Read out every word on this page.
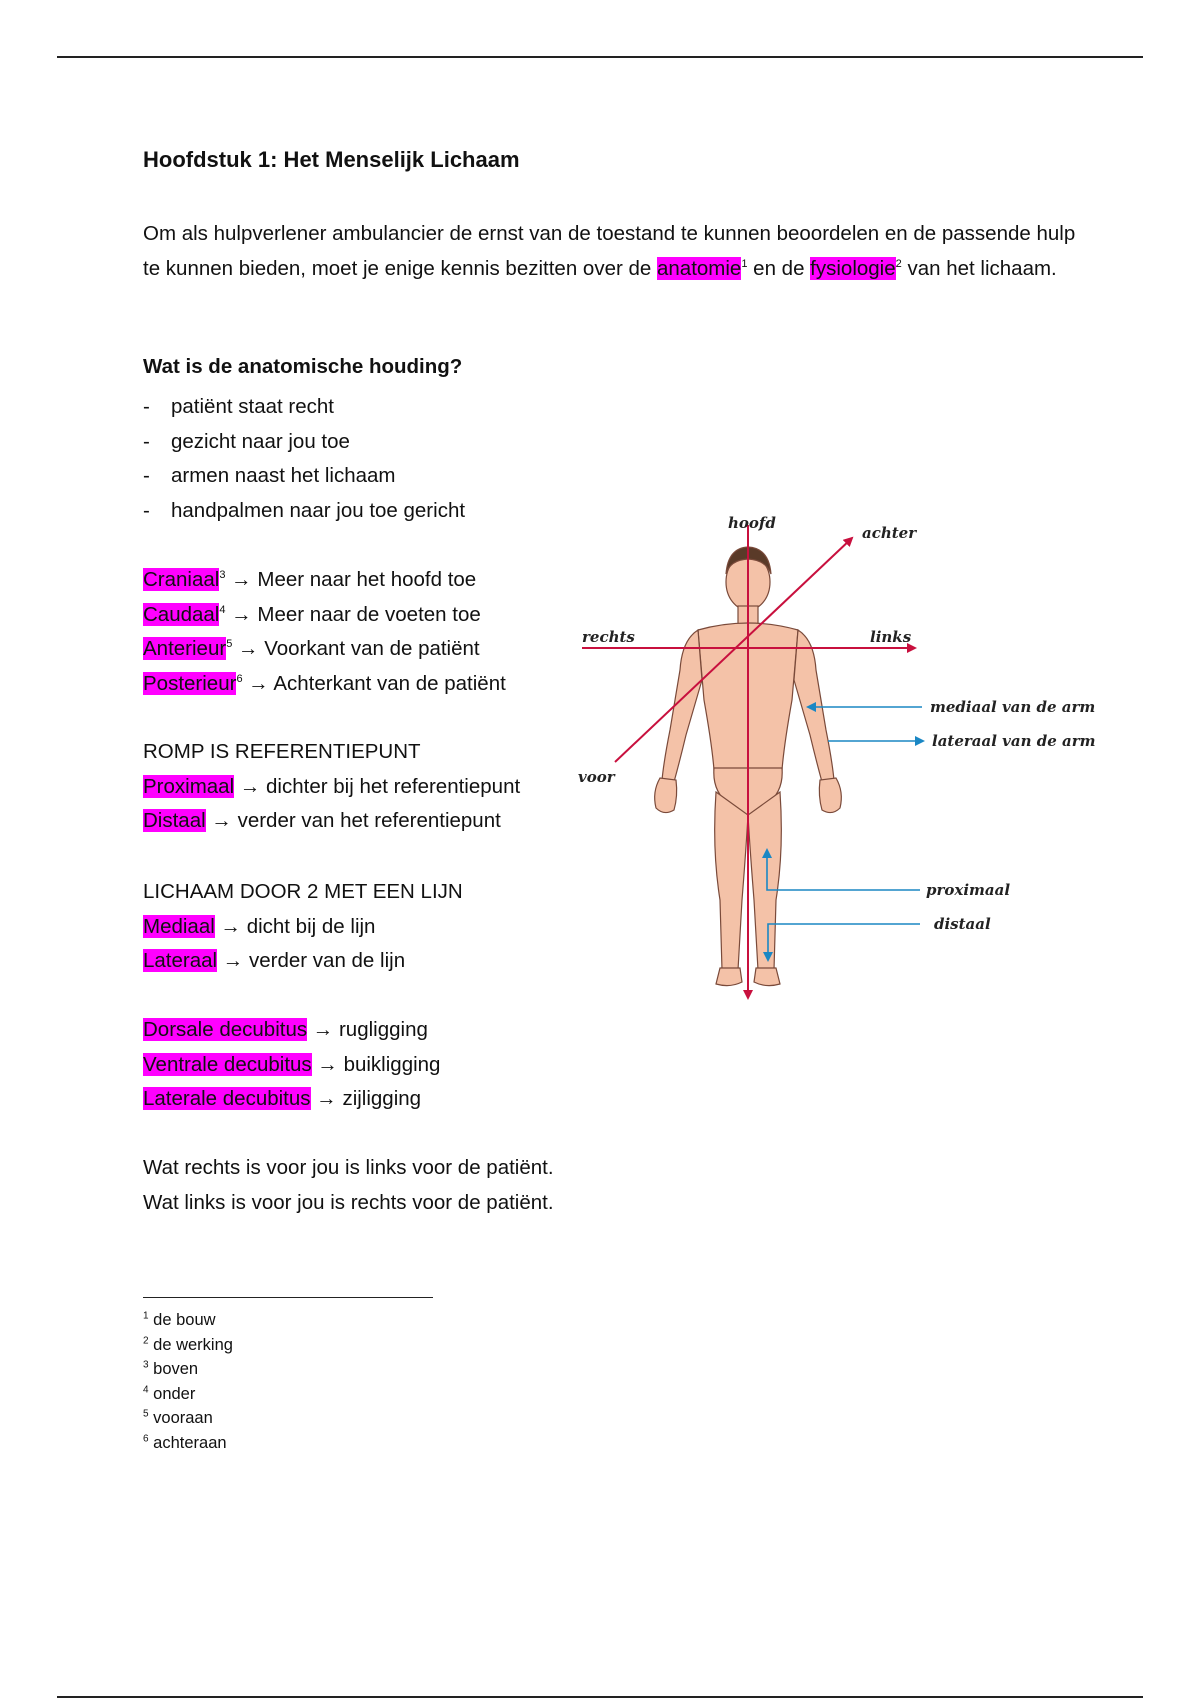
Hoofdstuk 1: Het Menselijk Lichaam
Om als hulpverlener ambulancier de ernst van de toestand te kunnen beoordelen en de passende hulp te kunnen bieden, moet je enige kennis bezitten over de anatomie$^1$ en de fysiologie$^2$ van het lichaam.
Wat is de anatomische houding?
- patiënt staat recht
- gezicht naar jou toe
- armen naast het lichaam
- handpalmen naar jou toe gericht
Craniaal$^3$ → Meer naar het hoofd toe
Caudaal$^4$ → Meer naar de voeten toe
Anterieur$^5$ → Voorkant van de patiënt
Posterieur$^6$ → Achterkant van de patiënt
ROMP IS REFERENTIEPUNT
Proximaal → dichter bij het referentiepunt
Distaal → verder van het referentiepunt
LICHAAM DOOR 2 MET EEN LIJN
Mediaal → dicht bij de lijn
Lateraal → verder van de lijn
Dorsale decubitus → rugligging
Ventrale decubitus → buikligging
Laterale decubitus → zijligging
Wat rechts is voor jou is links voor de patiënt.
Wat links is voor jou is rechts voor de patiënt.
$^1$ de bouw
$^2$ de werking
$^3$ boven
$^4$ onder
$^5$ vooraan
$^6$ achteraan
hoofd
achter
rechts	links
voor
mediaal van de arm
lateraal van de arm
proximaal
distaal
